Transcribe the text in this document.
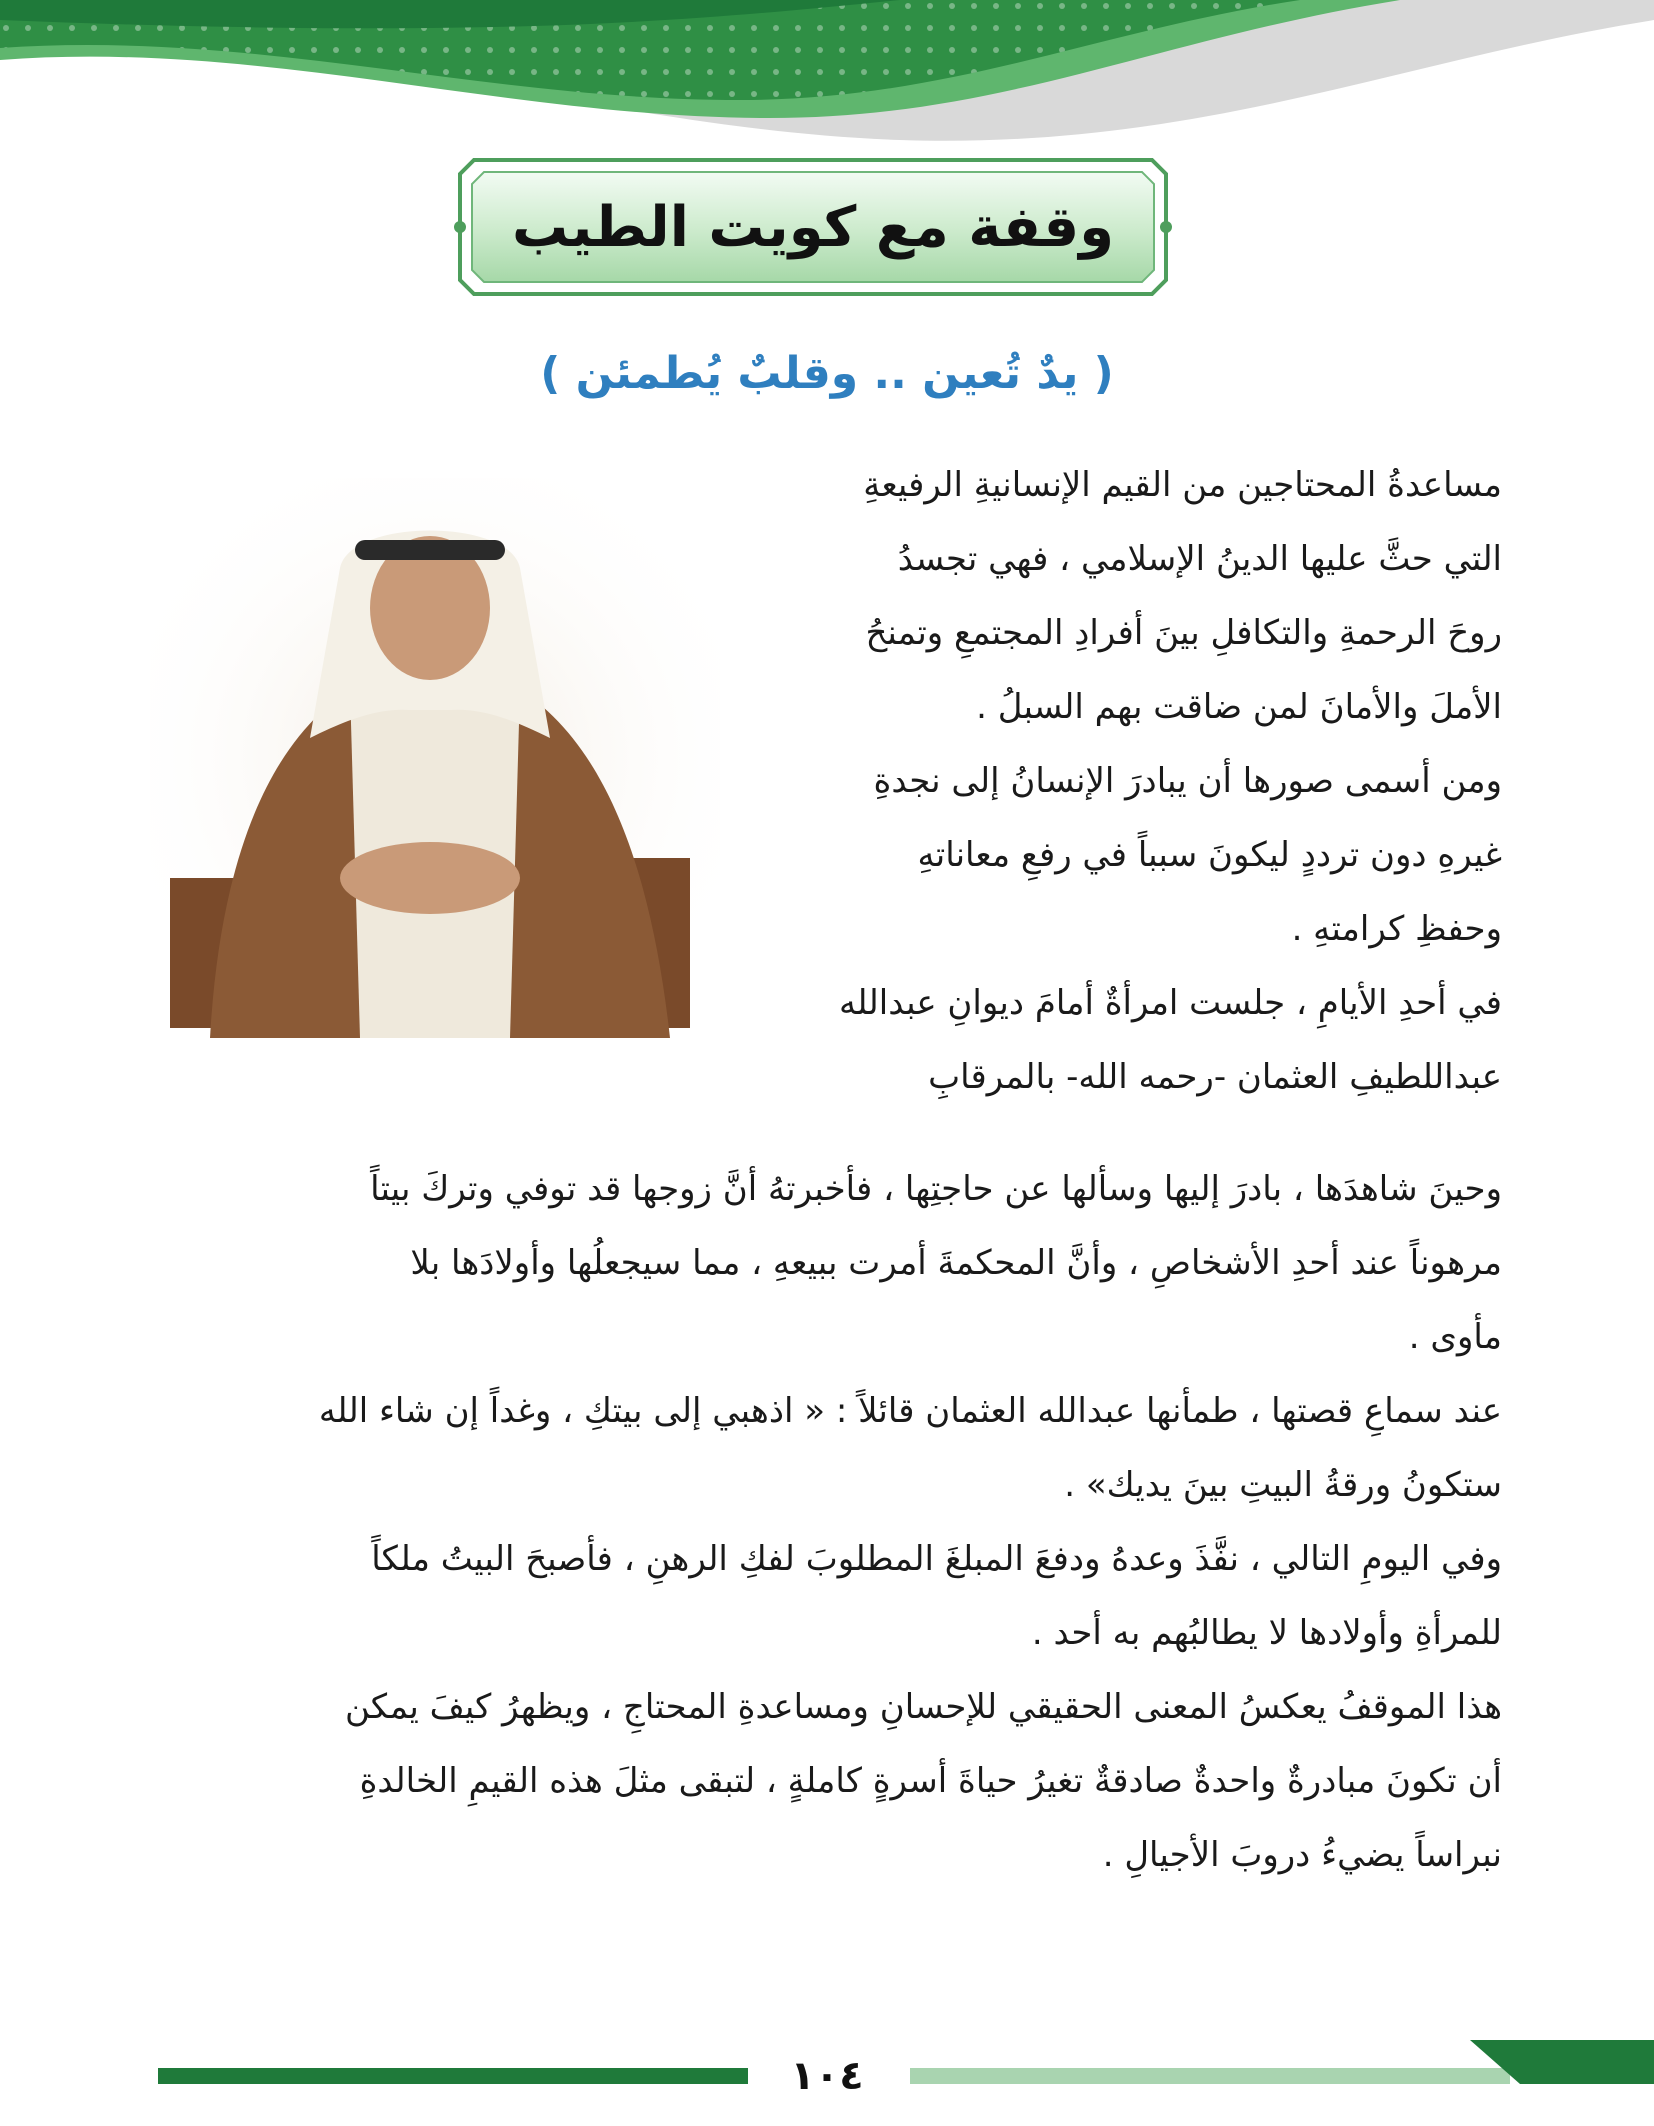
وقفة مع كويت الطيب
( يدٌ تُعين .. وقلبٌ يُطمئن )
مساعدةُ المحتاجين من القيم الإنسانيةِ الرفيعةِ
التي حثَّ عليها الدينُ الإسلامي ، فهي تجسدُ
روحَ الرحمةِ والتكافلِ بينَ أفرادِ المجتمعِ وتمنحُ
الأملَ والأمانَ لمن ضاقت بهم السبلُ .
ومن أسمى صورها أن يبادرَ الإنسانُ إلى نجدةِ
غيرهِ دون ترددٍ ليكونَ سبباً في رفعِ معاناتهِ
وحفظِ كرامتهِ .
في أحدِ الأيامِ ، جلست امرأةٌ أمامَ ديوانِ عبدالله
عبداللطيفِ العثمان -رحمه الله- بالمرقابِ
وحينَ شاهدَها ، بادرَ إليها وسألها عن حاجتِها ، فأخبرتهُ أنَّ زوجها قد توفي وتركَ بيتاً
مرهوناً عند أحدِ الأشخاصِ ، وأنَّ المحكمةَ أمرت ببيعهِ ، مما سيجعلُها وأولادَها بلا
مأوى .
عند سماعِ قصتها ، طمأنها عبدالله العثمان قائلاً : « اذهبي إلى بيتكِ ، وغداً إن شاء الله
ستكونُ ورقةُ البيتِ بينَ يديك» .
وفي اليومِ التالي ، نفَّذَ وعدهُ ودفعَ المبلغَ المطلوبَ لفكِ الرهنِ ، فأصبحَ البيتُ ملكاً
للمرأةِ وأولادها لا يطالبُهم به أحد .
هذا الموقفُ يعكسُ المعنى الحقيقي للإحسانِ ومساعدةِ المحتاجِ ، ويظهرُ كيفَ يمكن
أن تكونَ مبادرةٌ واحدةٌ صادقةٌ تغيرُ حياةَ أسرةٍ كاملةٍ ، لتبقى مثلَ هذه القيمِ الخالدةِ
نبراساً يضيءُ دروبَ الأجيالِ .
١٠٤
